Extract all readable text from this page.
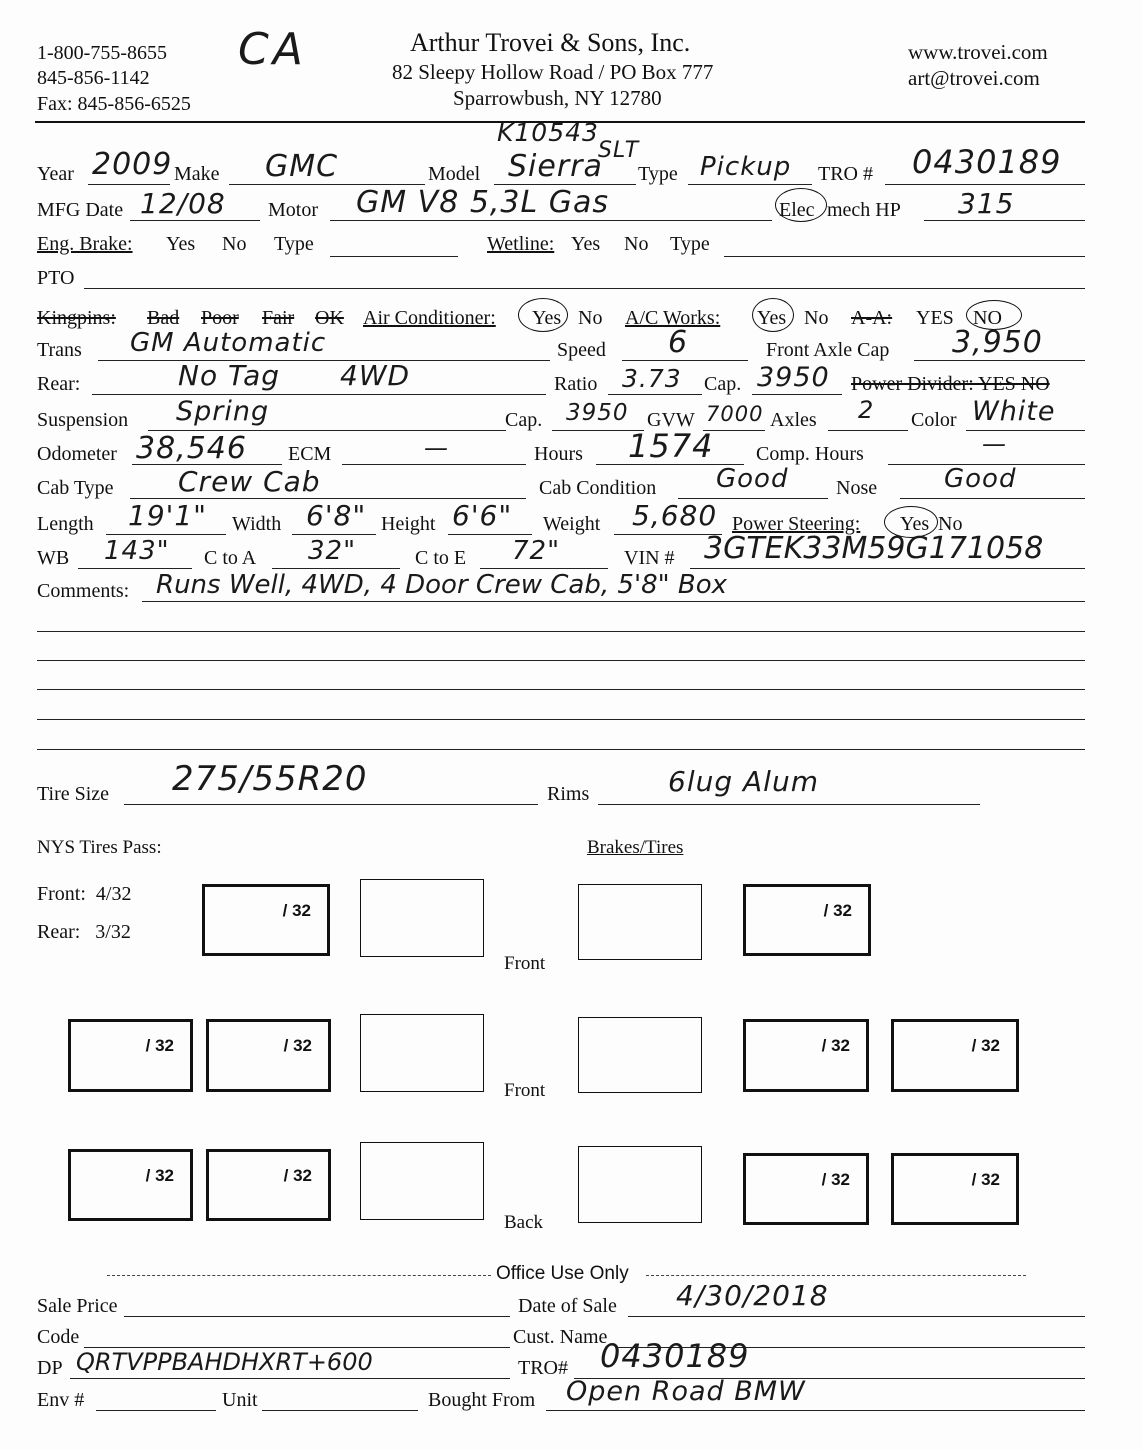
1-800-755-8655
845-856-1142
Fax: 845-856-6525
CA	Arthur Trovei & Sons, Inc.
82 Sleepy Hollow Road / PO Box 777
Sparrowbush, NY 12780
www.trovei.com
art@trovei.com
Year 2009 Make GMC	Model
K10543
Sierra
SLT
Type Pickup TRO # 0430189
MFG Date 12/08 Motor GM V8 5,3L Gas	Elec mech HP 315
Eng. Brake: Yes No Type	Wetline: Yes No Type
PTO
Kingpins: Bad Poor Fair OK Air Conditioner: Yes No A/C Works: Yes No A-A: YES NO
Trans GM Automatic	Speed 6	Front Axle Cap 3,950
Rear:	No Tag 4WD	Ratio 3.73 Cap. 3950 Power Divider: YES NO
Suspension Spring	Cap. 3950 GVW 7000 Axles 2 Color White
Odometer 38,546 ECM	—	Hours 1574 Comp. Hours	—
Cab Type Crew Cab	Cab Condition Good Nose	Good
Length 19'1" Width 6'8" Height 6'6" Weight 5,680 Power Steering: Yes No
WB 143" C to A 32"	C to E 72"	VIN # 3GTEK33M59G171058
Comments: Runs Well, 4WD, 4 Door Crew Cab, 5'8" Box
Tire Size 275/55R20	Rims	6lug Alum
NYS Tires Pass:	Brakes/Tires
Front:  4/32
Rear:   3/32
/ 32
Front
/ 32
/ 32	/ 32
Front
/ 32	/ 32
/ 32	/ 32
Back
/ 32	/ 32
Office Use Only
Sale Price	Date of Sale 4/30/2018
Code	Cust. Name
DP QRTVPPBAHDHXRT+600	TRO# 0430189
Env #	Unit	Bought From Open Road BMW
